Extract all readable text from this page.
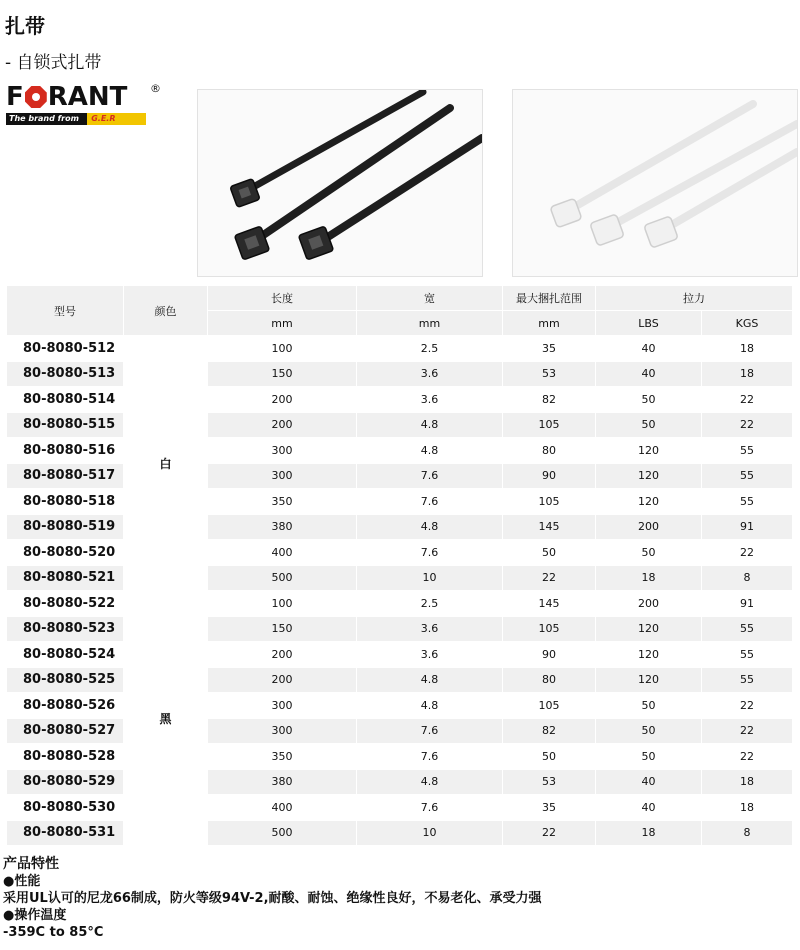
扎带
- 自锁式扎带
F RANT ®
The brand from	G.E.R
型号	颜色	长度	宽	最大捆扎范围	拉力	
		mm	mm	mm	LBS	KGS
80-8080-512	白	100	2.5	35	40	18
80-8080-513		150	3.6	53	40	18
80-8080-514		200	3.6	82	50	22
80-8080-515		200	4.8	105	50	22
80-8080-516		300	4.8	80	120	55
80-8080-517		300	7.6	90	120	55
80-8080-518		350	7.6	105	120	55
80-8080-519		380	4.8	145	200	91
80-8080-520		400	7.6	50	50	22
80-8080-521		500	10	22	18	8
80-8080-522	黑	100	2.5	145	200	91
80-8080-523		150	3.6	105	120	55
80-8080-524		200	3.6	90	120	55
80-8080-525		200	4.8	80	120	55
80-8080-526		300	4.8	105	50	22
80-8080-527		300	7.6	82	50	22
80-8080-528		350	7.6	50	50	22
80-8080-529		380	4.8	53	40	18
80-8080-530		400	7.6	35	40	18
80-8080-531		500	10	22	18	8
产品特性
●性能
采用UL认可的尼龙66制成，防火等级94V-2,耐酸、耐蚀、绝缘性良好，不易老化、承受力强
●操作温度
-359C to 85°C
